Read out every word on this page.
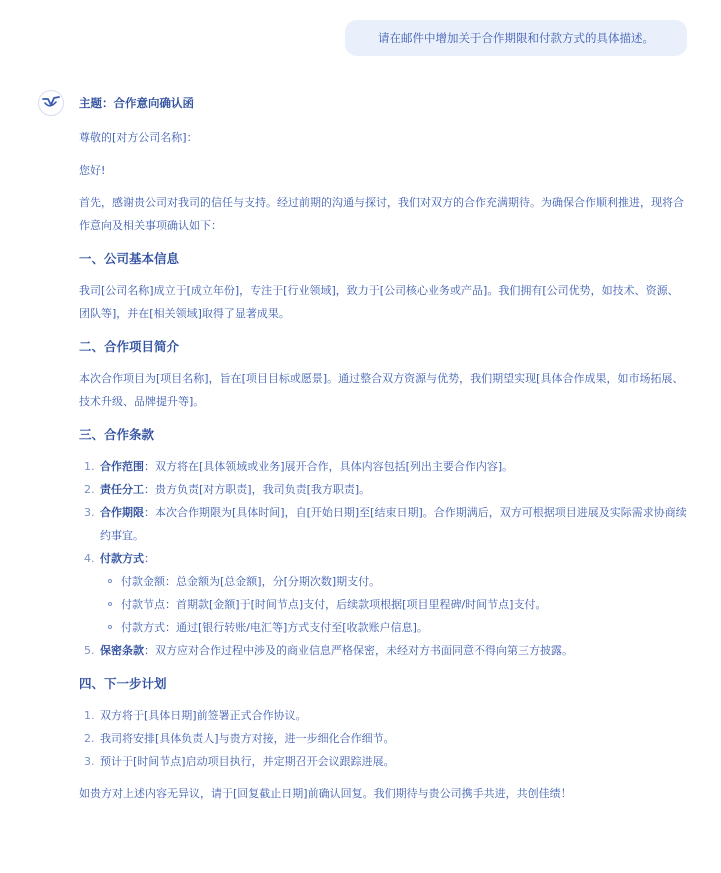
请在邮件中增加关于合作期限和付款方式的具体描述。

主题：合作意向确认函

尊敬的[对方公司名称]：

您好!

首先，感谢贵公司对我司的信任与支持。经过前期的沟通与探讨，我们对双方的合作充满期待。为确保合作顺利推进，现将合作意向及相关事项确认如下：

一、公司基本信息

我司[公司名称]成立于[成立年份]，专注于[行业领域]，致力于[公司核心业务或产品]。我们拥有[公司优势，如技术、资源、团队等]，并在[相关领域]取得了显著成果。

二、合作项目简介

本次合作项目为[项目名称]，旨在[项目目标或愿景]。通过整合双方资源与优势，我们期望实现[具体合作成果，如市场拓展、技术升级、品牌提升等]。

三、合作条款

1. 合作范围：双方将在[具体领域或业务]展开合作，具体内容包括[列出主要合作内容]。
2. 责任分工：贵方负责[对方职责]，我司负责[我方职责]。
3. 合作期限：本次合作期限为[具体时间]，自[开始日期]至[结束日期]。合作期满后，双方可根据项目进展及实际需求协商续约事宜。
4. 付款方式：
付款金额：总金额为[总金额]，分[分期次数]期支付。
付款节点：首期款[金额]于[时间节点]支付，后续款项根据[项目里程碑/时间节点]支付。
付款方式：通过[银行转账/电汇等]方式支付至[收款账户信息]。
5. 保密条款：双方应对合作过程中涉及的商业信息严格保密，未经对方书面同意不得向第三方披露。

四、下一步计划

1. 双方将于[具体日期]前签署正式合作协议。
2. 我司将安排[具体负责人]与贵方对接，进一步细化合作细节。
3. 预计于[时间节点]启动项目执行，并定期召开会议跟踪进展。

如贵方对上述内容无异议，请于[回复截止日期]前确认回复。我们期待与贵公司携手共进，共创佳绩！
